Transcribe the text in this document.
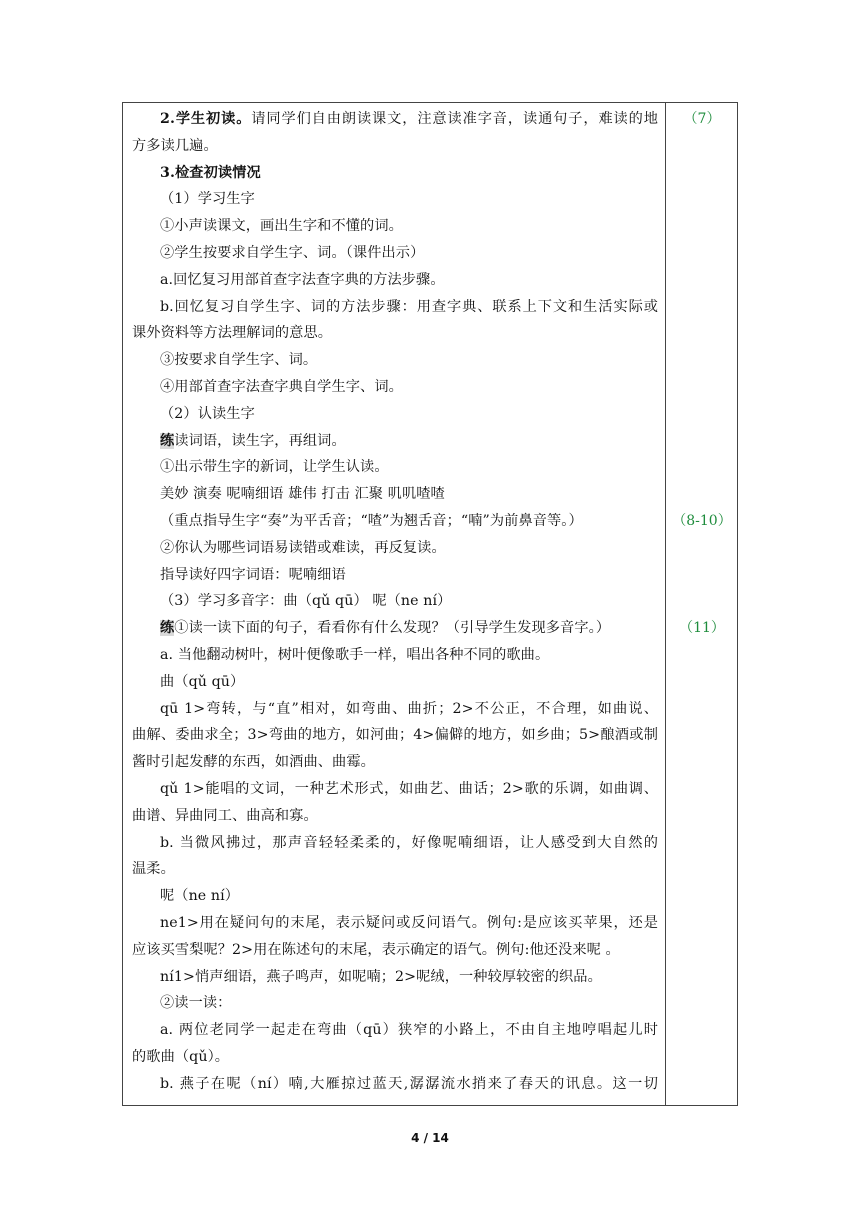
2.学生初读。请同学们自由朗读课文，注意读准字音，读通句子，难读的地
方多读几遍。
3.检查初读情况
（1）学习生字
①小声读课文，画出生字和不懂的词。
②学生按要求自学生字、词。（课件出示）
a.回忆复习用部首查字法查字典的方法步骤。
b.回忆复习自学生字、词的方法步骤：用查字典、联系上下文和生活实际或
课外资料等方法理解词的意思。
③按要求自学生字、词。
④用部首查字法查字典自学生字、词。
（2）认读生字
练读词语，读生字，再组词。
①出示带生字的新词，让学生认读。
美妙 演奏 呢喃细语 雄伟 打击 汇聚 叽叽喳喳
（重点指导生字“奏”为平舌音；“喳”为翘舌音；“喃”为前鼻音等。）
②你认为哪些词语易读错或难读，再反复读。
指导读好四字词语：呢喃细语
（3）学习多音字：曲（qǔ qū） 呢（ne ní）
练①读一读下面的句子，看看你有什么发现？（引导学生发现多音字。）
a. 当他翻动树叶，树叶便像歌手一样，唱出各种不同的歌曲。
曲（qǔ qū）
qū 1>弯转，与“直”相对，如弯曲、曲折；2>不公正，不合理，如曲说、
曲解、委曲求全；3>弯曲的地方，如河曲；4>偏僻的地方，如乡曲；5>酿酒或制
酱时引起发酵的东西，如酒曲、曲霉。
qǔ 1>能唱的文词，一种艺术形式，如曲艺、曲话；2>歌的乐调，如曲调、
曲谱、异曲同工、曲高和寡。
b. 当微风拂过，那声音轻轻柔柔的，好像呢喃细语，让人感受到大自然的
温柔。
呢（ne ní）
ne1>用在疑问句的末尾，表示疑问或反问语气。例句:是应该买苹果，还是
应该买雪梨呢？2>用在陈述句的末尾，表示确定的语气。例句:他还没来呢 。
ní1>悄声细语，燕子鸣声，如呢喃；2>呢绒，一种较厚较密的织品。
②读一读：
a. 两位老同学一起走在弯曲（qū）狭窄的小路上，不由自主地哼唱起儿时
的歌曲（qǔ）。
b. 燕子在呢（ní）喃,大雁掠过蓝天,潺潺流水捎来了春天的讯息。这一切
（7）
（8-10）
（11）
4 / 14
